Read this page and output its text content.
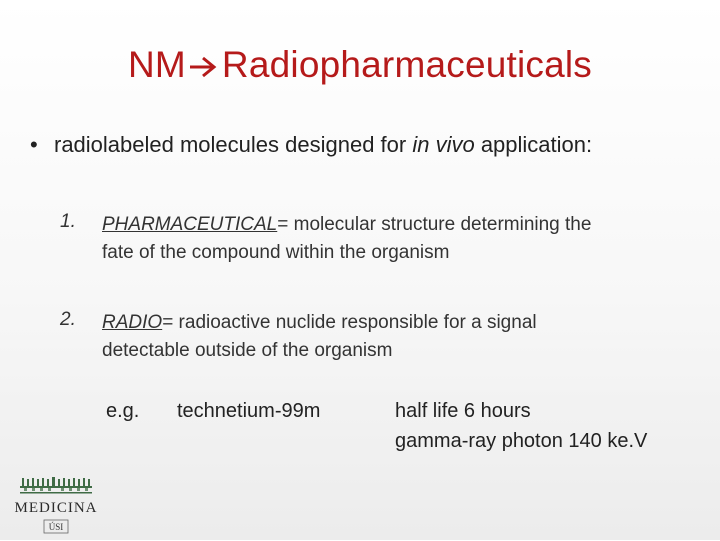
NM Radiopharmaceuticals
• radiolabeled molecules designed for in vivo application:
1. PHARMACEUTICAL= molecular structure determining the
fate of the compound within the organism
2. RADIO= radioactive nuclide responsible for a signal
detectable outside of the organism
e.g. technetium-99m	half life 6 hours
gamma-ray photon 140 ke.V
MEDICINA
ÚSI
